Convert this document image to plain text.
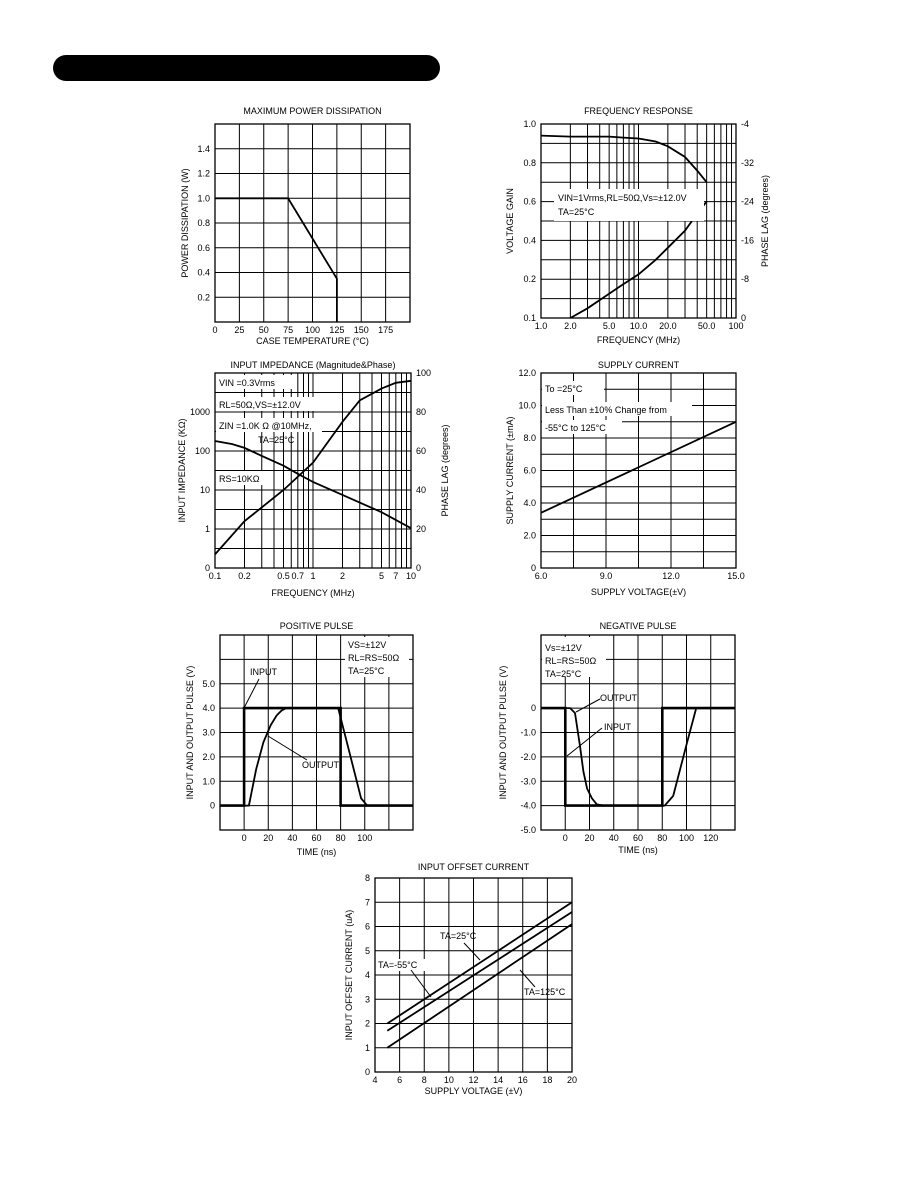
MAXIMUM POWER DISSIPATION
0 25 50 75 100 125 150 175
0.2
0.4
0.6
0.8
1.0
1.2
1.4
CASE TEMPERATURE (°C)
POWER DISSIPATION (W)
FREQUENCY RESPONSE
1.0 2.0	5.0 10.0 20.0 50.0 100
0.1
0.2
0.4
0.6
0.8
1.0
0
-8
-16
-24
-32
-4
FREQUENCY (MHz)
VOLTAGE GAIN	PHASE LAG (degrees)
INPUT IMPEDANCE (Magnitude&Phase)
0.1 0.2	0.5 0.7 1	2	5 7 10
0
1
10
100
1000
0
20
40
60
80
100
FREQUENCY (MHz)
INPUT IMPEDANCE (KΩ)	PHASE LAG (degrees)
SUPPLY CURRENT
6.0	9.0	12.0	15.0
0
2.0
4.0
6.0
8.0
10.0
12.0
SUPPLY VOLTAGE(±V)
SUPPLY CURRENT (±mA)
POSITIVE PULSE
0 20 40 60 80 100
0
1.0
2.0
3.0
4.0
5.0
TIME (ns)
INPUT AND OUTPUT PULSE (V)
NEGATIVE PULSE
0 20 40 60 80 100 120
0
-1.0
-2.0
-3.0
-4.0
-5.0
TIME (ns)
INPUT AND OUTPUT PULSE (V)
INPUT OFFSET CURRENT
4 6 8 10 12 14 16 18 20
0
1
2
3
4
5
6
7
8
SUPPLY VOLTAGE (±V)
INPUT OFFSET CURRENT (uA)
VIN=1Vrms,RL=50Ω,Vs=±12.0V
TA=25°C
VIN =0.3Vrms
RL=50Ω,VS=±12.0V
ZIN =1.0K Ω @10MHz,
TA=25°C
RS=10KΩ
To =25°C
Less Than ±10% Change from
-55°C to 125°C
VS=±12V
RL=RS=50Ω
TA=25°C
INPUT
OUTPUT
Vs=±12V
RL=RS=50Ω
TA=25°C
OUTPUT
INPUT
TA=-55°C
TA=25°C
TA=125°C
